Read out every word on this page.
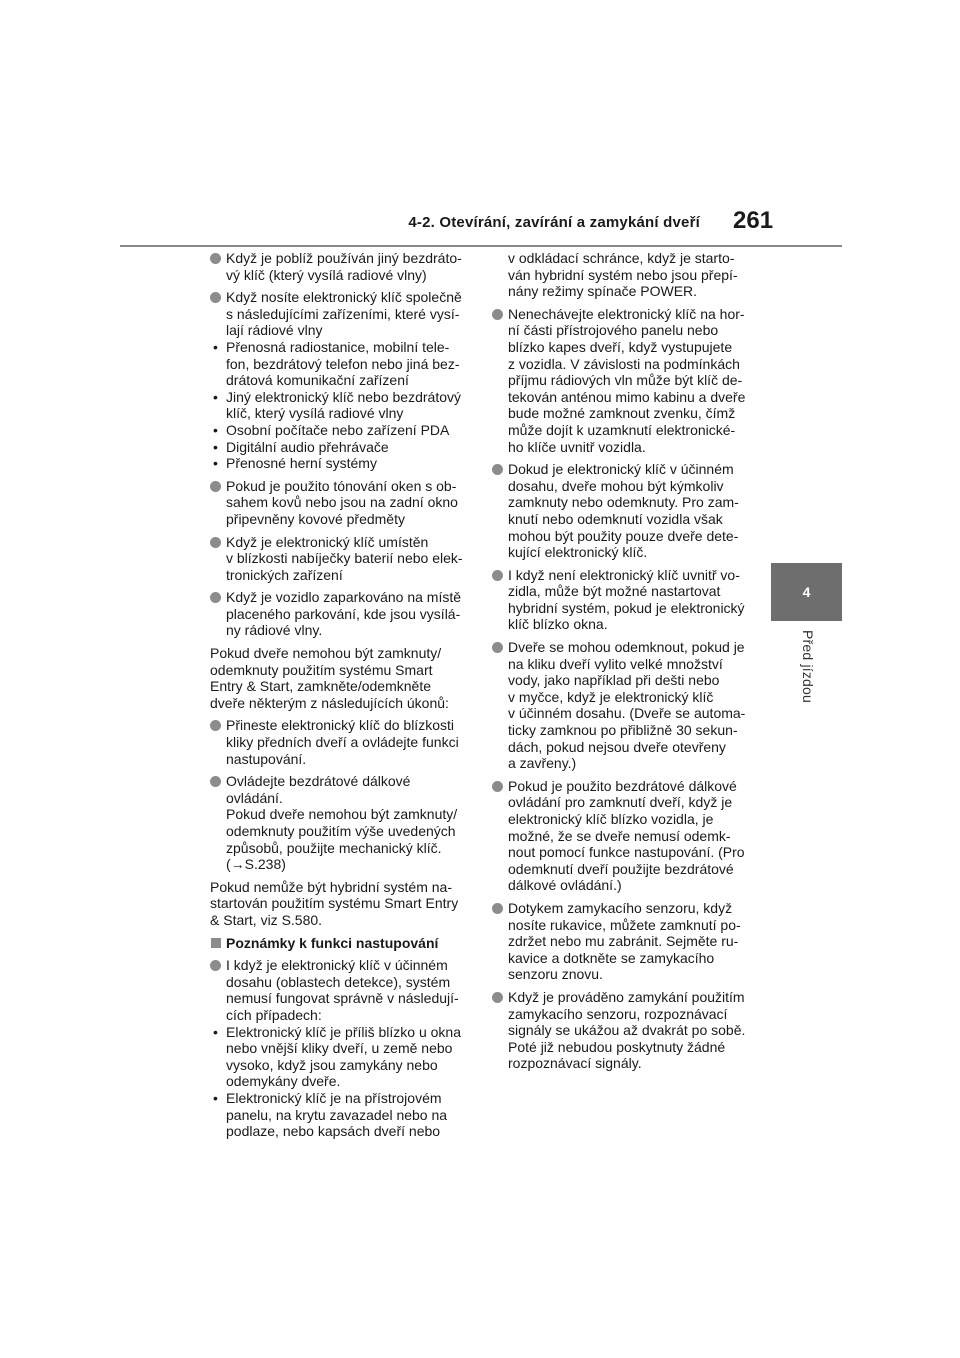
4-2. Otevírání, zavírání a zamykání dveří 261
4
Před jízdou
Když je poblíž používán jiný bezdráto-
vý klíč (který vysílá radiové vlny)
Když nosíte elektronický klíč společně
s následujícími zařízeními, které vysí-
lají rádiové vlny
• Přenosná radiostanice, mobilní tele-
fon, bezdrátový telefon nebo jiná bez-
drátová komunikační zařízení
• Jiný elektronický klíč nebo bezdrátový
klíč, který vysílá radiové vlny
• Osobní počítače nebo zařízení PDA
• Digitální audio přehrávače
• Přenosné herní systémy
Pokud je použito tónování oken s ob-
sahem kovů nebo jsou na zadní okno
připevněny kovové předměty
Když je elektronický klíč umístěn
v blízkosti nabíječky baterií nebo elek-
tronických zařízení
Když je vozidlo zaparkováno na místě
placeného parkování, kde jsou vysílá-
ny rádiové vlny.
Pokud dveře nemohou být zamknuty/
odemknuty použitím systému Smart
Entry & Start, zamkněte/odemkněte
dveře některým z následujících úkonů:
Přineste elektronický klíč do blízkosti
kliky předních dveří a ovládejte funkci
nastupování.
Ovládejte bezdrátové dálkové ovládání.
Pokud dveře nemohou být zamknuty/
odemknuty použitím výše uvedených
způsobů, použijte mechanický klíč.
(→S.238)
Pokud nemůže být hybridní systém na-
startován použitím systému Smart Entry
& Start, viz S.580.
Poznámky k funkci nastupování
I když je elektronický klíč v účinném
dosahu (oblastech detekce), systém
nemusí fungovat správně v následují-
cích případech:
• Elektronický klíč je příliš blízko u okna
nebo vnější kliky dveří, u země nebo
vysoko, když jsou zamykány nebo
odemykány dveře.
• Elektronický klíč je na přístrojovém
panelu, na krytu zavazadel nebo na
podlaze, nebo kapsách dveří nebo
v odkládací schránce, když je starto-
ván hybridní systém nebo jsou přepí-
nány režimy spínače POWER.
Nenechávejte elektronický klíč na hor-
ní části přístrojového panelu nebo
blízko kapes dveří, když vystupujete
z vozidla. V závislosti na podmínkách
příjmu rádiových vln může být klíč de-
tekován anténou mimo kabinu a dveře
bude možné zamknout zvenku, čímž
může dojít k uzamknutí elektronické-
ho klíče uvnitř vozidla.
Dokud je elektronický klíč v účinném
dosahu, dveře mohou být kýmkoliv
zamknuty nebo odemknuty. Pro zam-
knutí nebo odemknutí vozidla však
mohou být použity pouze dveře dete-
kující elektronický klíč.
I když není elektronický klíč uvnitř vo-
zidla, může být možné nastartovat
hybridní systém, pokud je elektronický
klíč blízko okna.
Dveře se mohou odemknout, pokud je
na kliku dveří vylito velké množství
vody, jako například při dešti nebo
v myčce, když je elektronický klíč
v účinném dosahu. (Dveře se automa-
ticky zamknou po přibližně 30 sekun-
dách, pokud nejsou dveře otevřeny
a zavřeny.)
Pokud je použito bezdrátové dálkové
ovládání pro zamknutí dveří, když je
elektronický klíč blízko vozidla, je
možné, že se dveře nemusí odemk-
nout pomocí funkce nastupování. (Pro
odemknutí dveří použijte bezdrátové
dálkové ovládání.)
Dotykem zamykacího senzoru, když
nosíte rukavice, můžete zamknutí po-
zdržet nebo mu zabránit. Sejměte ru-
kavice a dotkněte se zamykacího
senzoru znovu.
Když je prováděno zamykání použitím
zamykacího senzoru, rozpoznávací
signály se ukážou až dvakrát po sobě.
Poté již nebudou poskytnuty žádné
rozpoznávací signály.
